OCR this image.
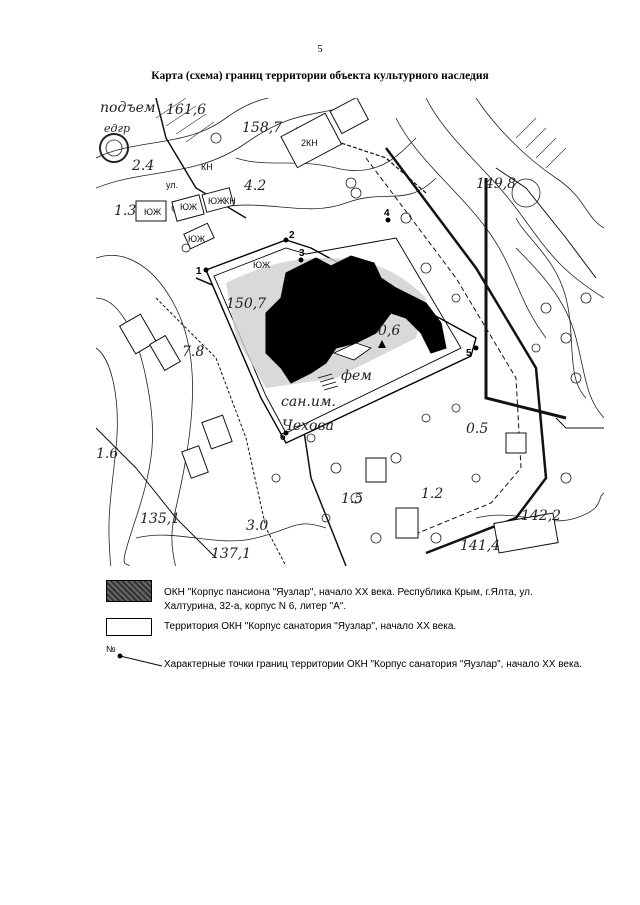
5
Карта (схема) границ территории объекта культурного наследия
1
2
3
4
5
6
подъем 161,6
едгр	158,7
2КН
2.4	КН
ул.	4.2
1.3 ЮЖ ЮЖ
ЮЖ
КН
ЮЖ
ЮЖ
150,7
7.8
149,8
0,6
фем
сан.им.
Чехова	0.5
1.6
1.5	1.2
135,1	3.0
142,2
137,1	141,4
ОКН "Корпус пансиона "Яузлар", начало XX века. Республика Крым, г.Ялта, ул. Халтурина, 32-а, корпус N 6, литер "А".
Территория ОКН "Корпус санатория "Яузлар", начало XX века.
№
Характерные точки границ территории ОКН "Корпус санатория "Яузлар", начало XX века.
